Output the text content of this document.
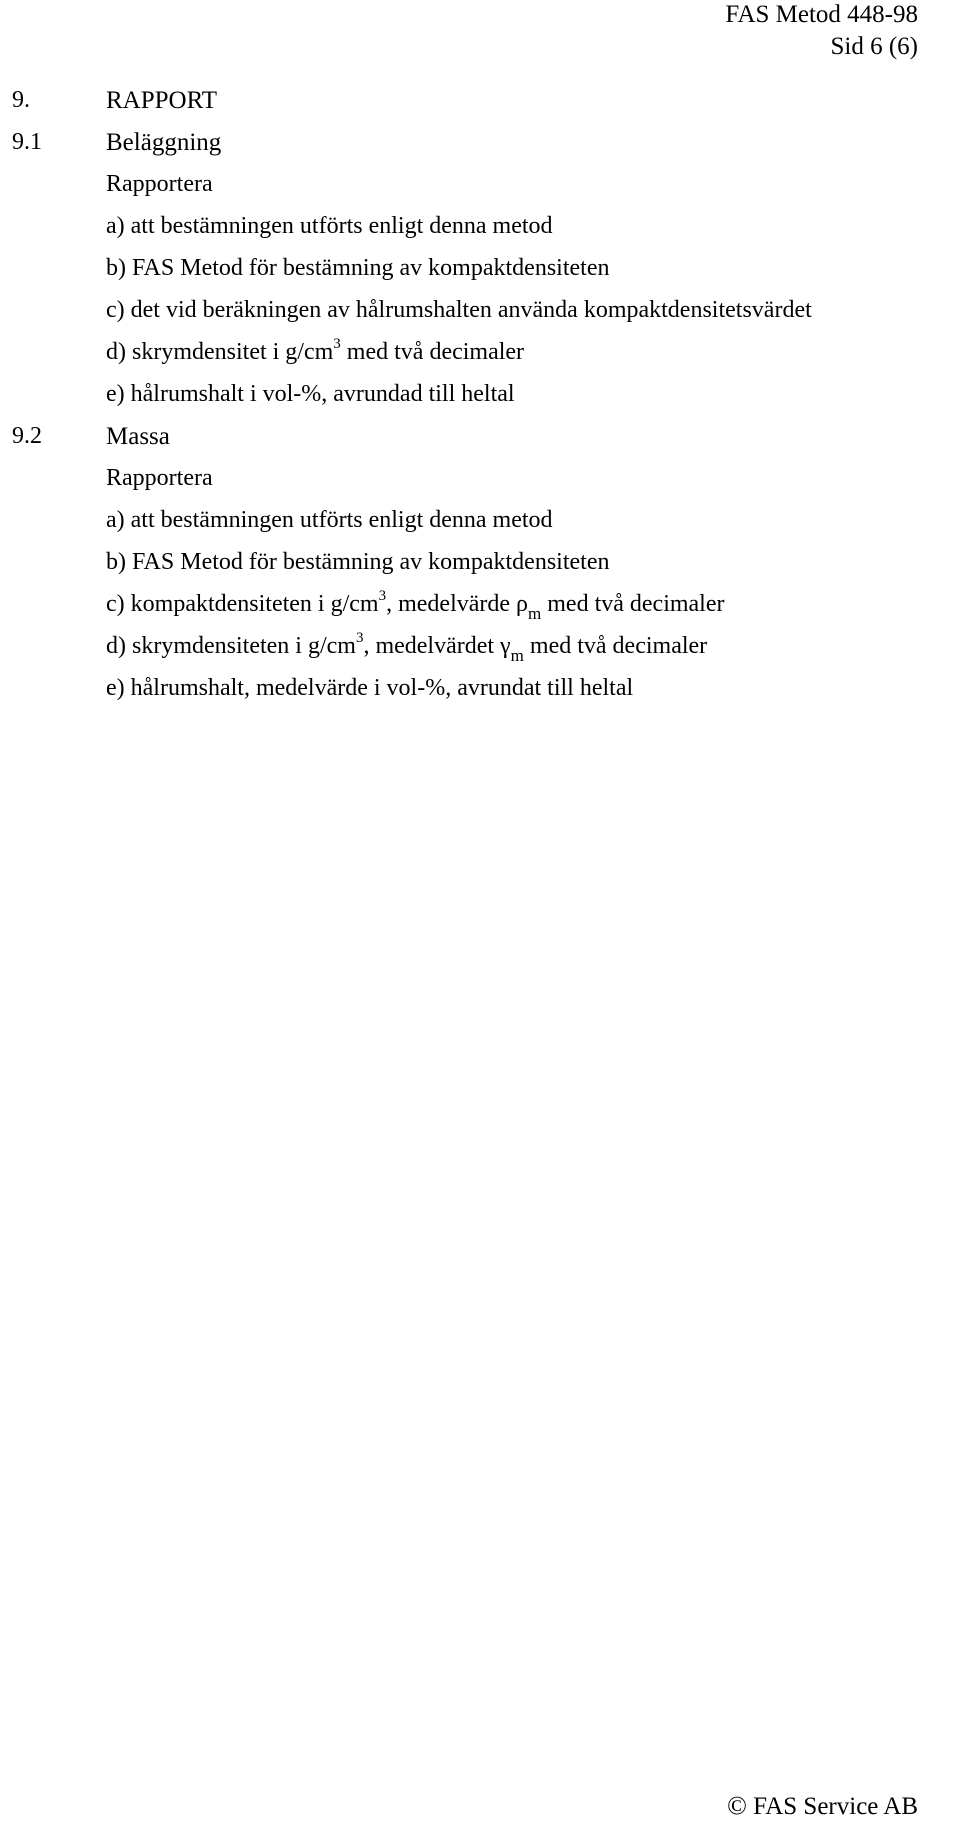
FAS Metod 448-98
Sid 6 (6)
9.	RAPPORT
9.1	Beläggning
Rapportera
a) att bestämningen utförts enligt denna metod
b) FAS Metod för bestämning av kompaktdensiteten
c) det vid beräkningen av hålrumshalten använda kompaktdensitetsvärdet
d) skrymdensitet i $g/cm^3$ med två decimaler
e) hålrumshalt i vol-%, avrundad till heltal
9.2	Massa
Rapportera
a) att bestämningen utförts enligt denna metod
b) FAS Metod för bestämning av kompaktdensiteten
c) kompaktdensiteten i $g/cm^3$, medelvärde $\rho_m$ med två decimaler
d) skrymdensiteten i $g/cm^3$, medelvärdet $\gamma_m$ med två decimaler
e) hålrumshalt, medelvärde i vol-%, avrundat till heltal
© FAS Service AB
